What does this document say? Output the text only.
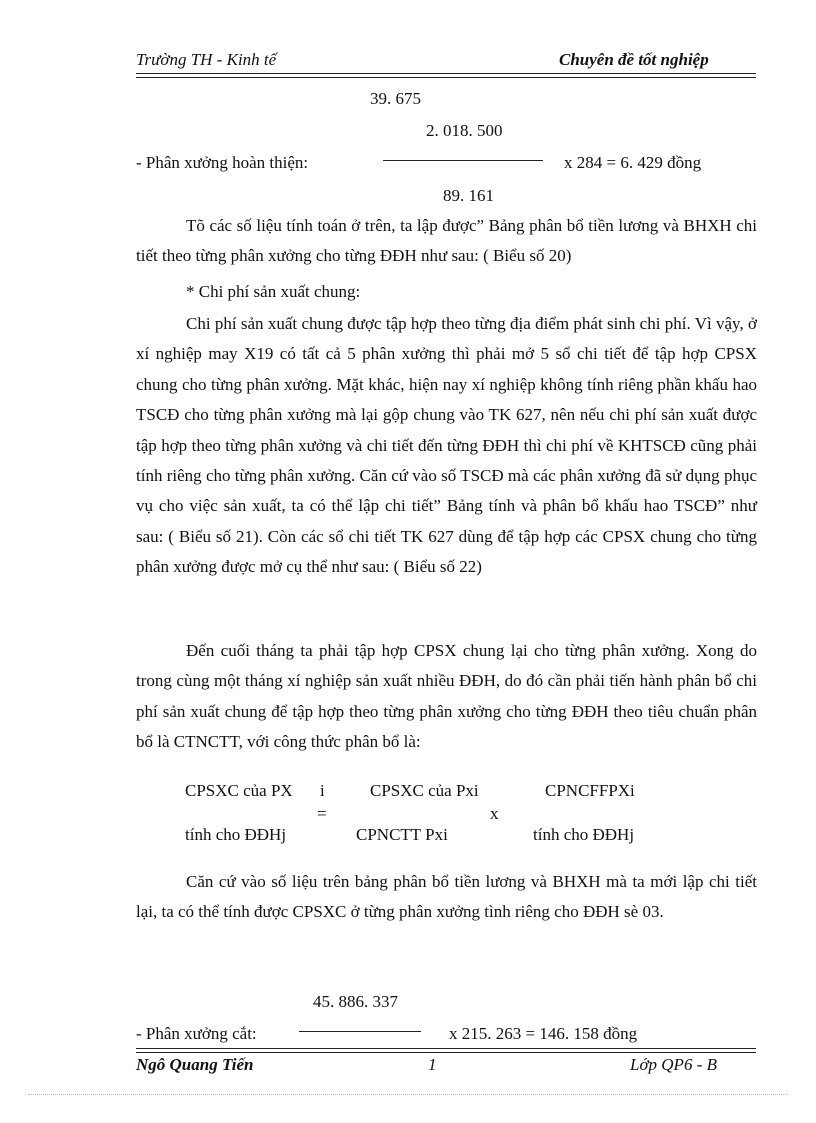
Trường TH - Kinh tế	Chuyên đề tốt nghiệp
39. 675
2. 018. 500
- Phân xưởng hoàn thiện:	x 284 = 6. 429 đồng
89. 161
Tõ các số liệu tính toán ở trên, ta lập được” Bảng phân bổ tiền lương và BHXH chi tiết theo từng phân xưởng cho từng ĐĐH như sau: ( Biểu số 20)
* Chi phí sản xuất chung:
Chi phí sản xuất chung được tập hợp theo từng địa điểm phát sinh chi phí. Vì vậy, ở xí nghiệp may X19 có tất cả 5 phân xưởng thì phải mở 5 sổ chi tiết để tập hợp CPSX chung cho từng phân xưởng. Mặt khác, hiện nay xí nghiệp không tính riêng phần khấu hao TSCĐ cho từng phân xưởng mà lại gộp chung vào TK 627, nên nếu chi phí sản xuất được tập hợp theo từng phân xưởng và chi tiết đến từng ĐĐH thì chi phí về KHTSCĐ cũng phải tính riêng cho từng phân xưởng. Căn cứ vào số TSCĐ mà các phân xưởng đã sử dụng phục vụ cho việc sản xuất, ta có thể lập chi tiết” Bảng tính và phân bổ khấu hao TSCĐ” như sau: ( Biểu số 21). Còn các sổ chi tiết TK 627 dùng để tập hợp các CPSX chung cho từng phân xưởng được mở cụ thể như sau: ( Biểu số 22)
Đến cuối tháng ta phải tập hợp CPSX chung lại cho từng phân xưởng. Xong do trong cùng một tháng xí nghiệp sản xuất nhiều ĐĐH, do đó cần phải tiến hành phân bổ chi phí sản xuất chung để tập hợp theo từng phân xưởng cho từng ĐĐH theo tiêu chuẩn phân bổ là CTNCTT, với công thức phân bổ là:
CPSXC của PX i
=
tính cho ĐĐHj
CPSXC của Pxi
CPNCTT Pxi
x
CPNCFFPXi
tính cho ĐĐHj
Căn cứ vào số liệu trên bảng phân bổ tiền lương và BHXH mà ta mới lập chi tiết lại, ta có thể tính được CPSXC ở từng phân xưởng tình riêng cho ĐĐH sè 03.
45. 886. 337
- Phân xưởng cắt:	x 215. 263 = 146. 158 đồng
Ngô Quang Tiến	1	Lớp QP6 - B
